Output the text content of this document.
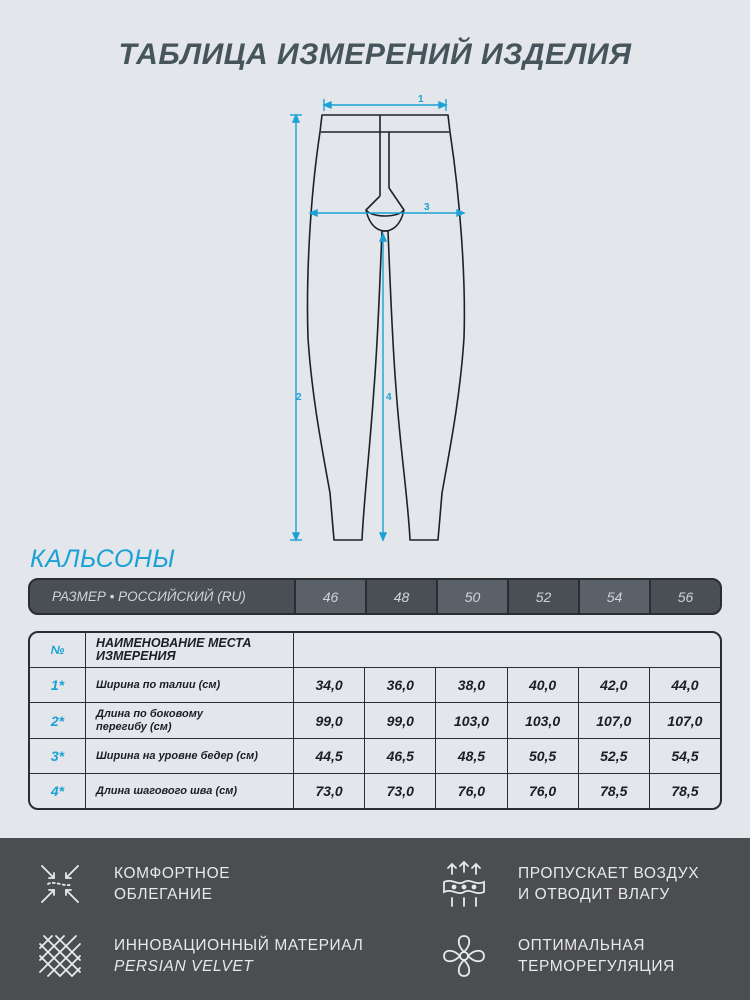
ТАБЛИЦА ИЗМЕРЕНИЙ ИЗДЕЛИЯ
1
2
3
4
КАЛЬСОНЫ
РАЗМЕР • РОССИЙСКИЙ (RU)	46	48	50	52	54	56
№	НАИМЕНОВАНИЕ МЕСТА
ИЗМЕРЕНИЯ
1*	Ширина по талии (см)	34,0	36,0	38,0	40,0	42,0	44,0
2*	Длина по боковому
перегибу (см)	99,0	99,0	103,0	103,0	107,0	107,0
3*	Ширина на уровне бедер (см)	44,5	46,5	48,5	50,5	52,5	54,5
4*	Длина шагового шва (см)	73,0	73,0	76,0	76,0	78,5	78,5
КОМФОРТНОЕ
ОБЛЕГАНИЕ
ПРОПУСКАЕТ ВОЗДУХ
И ОТВОДИТ ВЛАГУ
ИННОВАЦИОННЫЙ МАТЕРИАЛ
PERSIAN VELVET
ОПТИМАЛЬНАЯ
ТЕРМОРЕГУЛЯЦИЯ
